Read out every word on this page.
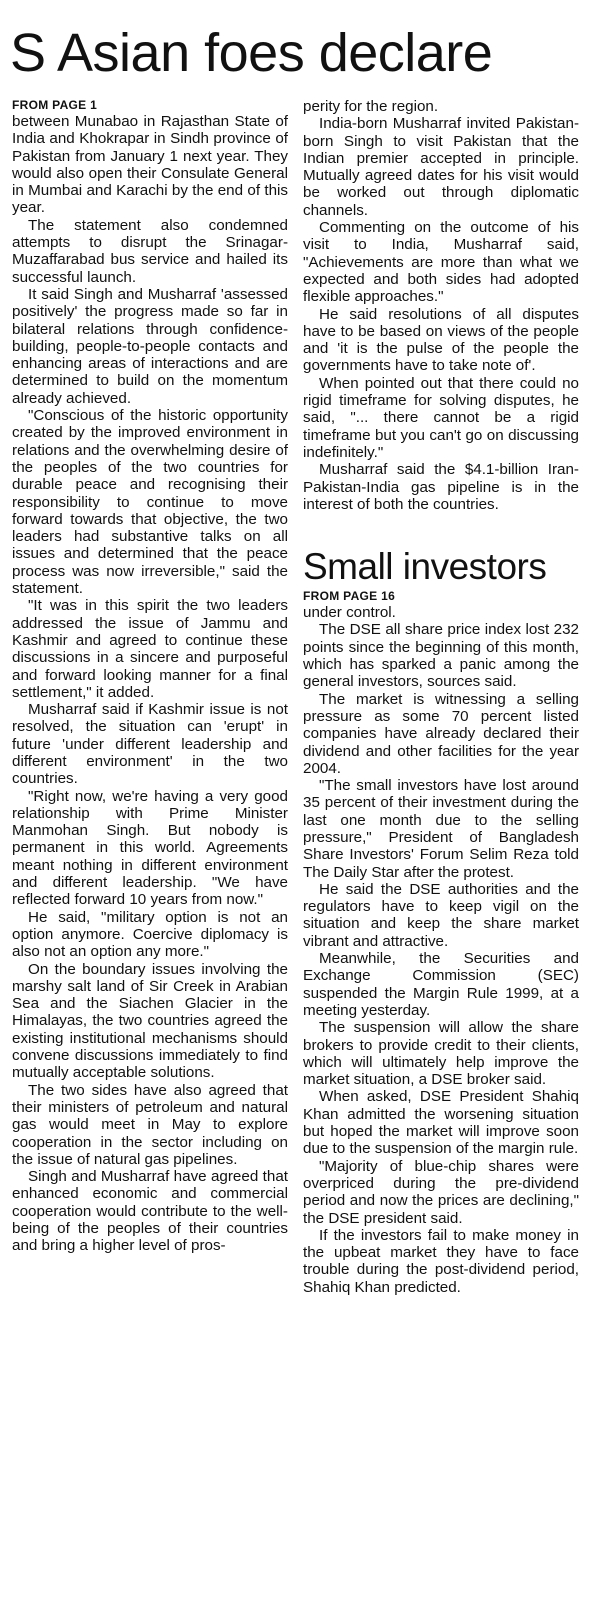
S Asian foes declare
FROM PAGE 1

between Munabao in Rajasthan State of India and Khokrapar in Sindh province of Pakistan from January 1 next year. They would also open their Consulate General in Mumbai and Karachi by the end of this year.

The statement also condemned attempts to disrupt the Srinagar-Muzaffarabad bus service and hailed its successful launch.

It said Singh and Musharraf 'assessed positively' the progress made so far in bilateral relations through confidence-building, people-to-people contacts and enhancing areas of interactions and are determined to build on the momentum already achieved.

"Conscious of the historic opportunity created by the improved environment in relations and the overwhelming desire of the peoples of the two countries for durable peace and recognising their responsibility to continue to move forward towards that objective, the two leaders had substantive talks on all issues and determined that the peace process was now irreversible," said the statement.

"It was in this spirit the two leaders addressed the issue of Jammu and Kashmir and agreed to continue these discussions in a sincere and purposeful and forward looking manner for a final settlement," it added.

Musharraf said if Kashmir issue is not resolved, the situation can 'erupt' in future 'under different leadership and different environment' in the two countries.

"Right now, we're having a very good relationship with Prime Minister Manmohan Singh. But nobody is permanent in this world. Agreements meant nothing in different environment and different leadership. "We have reflected forward 10 years from now."

He said, "military option is not an option anymore. Coercive diplomacy is also not an option any more."

On the boundary issues involving the marshy salt land of Sir Creek in Arabian Sea and the Siachen Glacier in the Himalayas, the two countries agreed the existing institutional mechanisms should convene discussions immediately to find mutually acceptable solutions.

The two sides have also agreed that their ministers of petroleum and natural gas would meet in May to explore cooperation in the sector including on the issue of natural gas pipelines.

Singh and Musharraf have agreed that enhanced economic and commercial cooperation would contribute to the well-being of the peoples of their countries and bring a higher level of pros-

perity for the region.

India-born Musharraf invited Pakistan-born Singh to visit Pakistan that the Indian premier accepted in principle. Mutually agreed dates for his visit would be worked out through diplomatic channels.

Commenting on the outcome of his visit to India, Musharraf said, "Achievements are more than what we expected and both sides had adopted flexible approaches."

He said resolutions of all disputes have to be based on views of the people and 'it is the pulse of the people the governments have to take note of'.

When pointed out that there could no rigid timeframe for solving disputes, he said, "... there cannot be a rigid timeframe but you can't go on discussing indefinitely."

Musharraf said the $4.1-billion Iran-Pakistan-India gas pipeline is in the interest of both the countries.

Small investors
FROM PAGE 16

under control.

The DSE all share price index lost 232 points since the beginning of this month, which has sparked a panic among the general investors, sources said.

The market is witnessing a selling pressure as some 70 percent listed companies have already declared their dividend and other facilities for the year 2004.

"The small investors have lost around 35 percent of their investment during the last one month due to the selling pressure," President of Bangladesh Share Investors' Forum Selim Reza told The Daily Star after the protest.

He said the DSE authorities and the regulators have to keep vigil on the situation and keep the share market vibrant and attractive.

Meanwhile, the Securities and Exchange Commission (SEC) suspended the Margin Rule 1999, at a meeting yesterday.

The suspension will allow the share brokers to provide credit to their clients, which will ultimately help improve the market situation, a DSE broker said.

When asked, DSE President Shahiq Khan admitted the worsening situation but hoped the market will improve soon due to the suspension of the margin rule.

"Majority of blue-chip shares were overpriced during the pre-dividend period and now the prices are declining," the DSE president said.

If the investors fail to make money in the upbeat market they have to face trouble during the post-dividend period, Shahiq Khan predicted.
